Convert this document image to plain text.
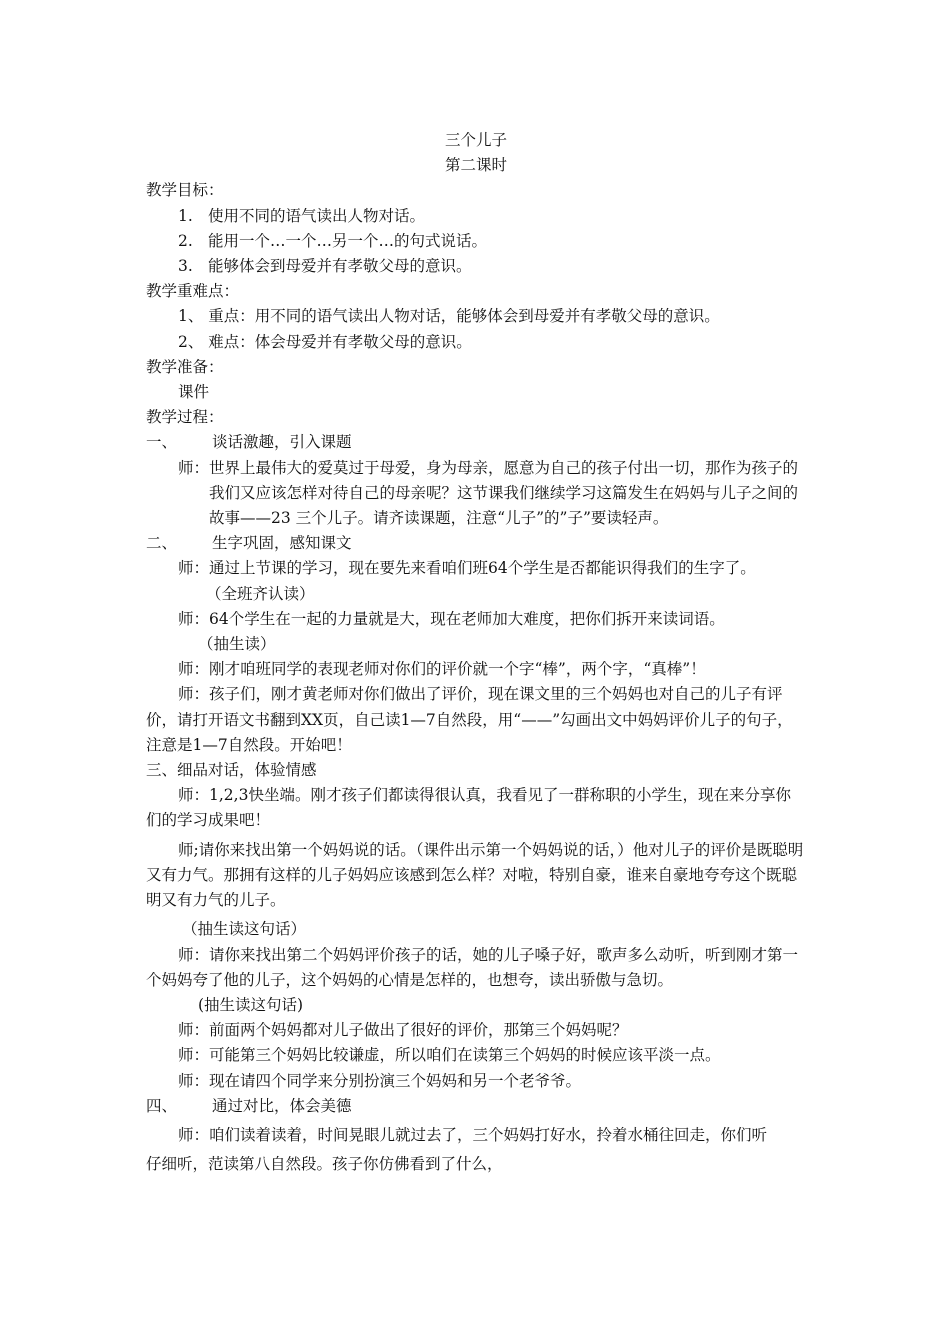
三个儿子

第二课时

教学目标：

1. 使用不同的语气读出人物对话。
2. 能用一个…一个…另一个…的句式说话。
3. 能够体会到母爱并有孝敬父母的意识。

教学重难点：

1、 重点：用不同的语气读出人物对话，能够体会到母爱并有孝敬父母的意识。

2、 难点：体会母爱并有孝敬父母的意识。

教学准备：

课件

教学过程：

一、	谈话激趣，引入课题
师： 世界上最伟大的爱莫过于母爱，身为母亲，愿意为自己的孩子付出一切，那作为孩子的我们又应该怎样对待自己的母亲呢？这节课我们继续学习这篇发生在妈妈与儿子之间的故事——23 三个儿子。请齐读课题，注意“儿子”的”子”要读轻声。
二、	生字巩固，感知课文

师：通过上节课的学习，现在要先来看咱们班64个学生是否都能识得我们的生字了。

（全班齐认读）

师：64个学生在一起的力量就是大，现在老师加大难度，把你们拆开来读词语。

（抽生读）

师：刚才咱班同学的表现老师对你们的评价就一个字“棒”，两个字，“真棒”！

师：孩子们，刚才黄老师对你们做出了评价，现在课文里的三个妈妈也对自己的儿子有评价，请打开语文书翻到XX页，自己读1—7自然段，用“——”勾画出文中妈妈评价儿子的句子，注意是1—7自然段。开始吧！

三、细品对话，体验情感

师：1,2,3快坐端。刚才孩子们都读得很认真，我看见了一群称职的小学生，现在来分享你们的学习成果吧！

师;请你来找出第一个妈妈说的话。（课件出示第一个妈妈说的话，）他对儿子的评价是既聪明又有力气。那拥有这样的儿子妈妈应该感到怎么样？对啦，特别自豪，谁来自豪地夸夸这个既聪明又有力气的儿子。

（抽生读这句话）

师：请你来找出第二个妈妈评价孩子的话，她的儿子嗓子好，歌声多么动听，听到刚才第一个妈妈夸了他的儿子，这个妈妈的心情是怎样的，也想夸，读出骄傲与急切。

(抽生读这句话)

师：前面两个妈妈都对儿子做出了很好的评价，那第三个妈妈呢？

师：可能第三个妈妈比较谦虚，所以咱们在读第三个妈妈的时候应该平淡一点。

师：现在请四个同学来分别扮演三个妈妈和另一个老爷爷。

四、	通过对比，体会美德

师：咱们读着读着，时间晃眼儿就过去了，三个妈妈打好水，拎着水桶往回走，你们听

仔细听，范读第八自然段。孩子你仿佛看到了什么，
